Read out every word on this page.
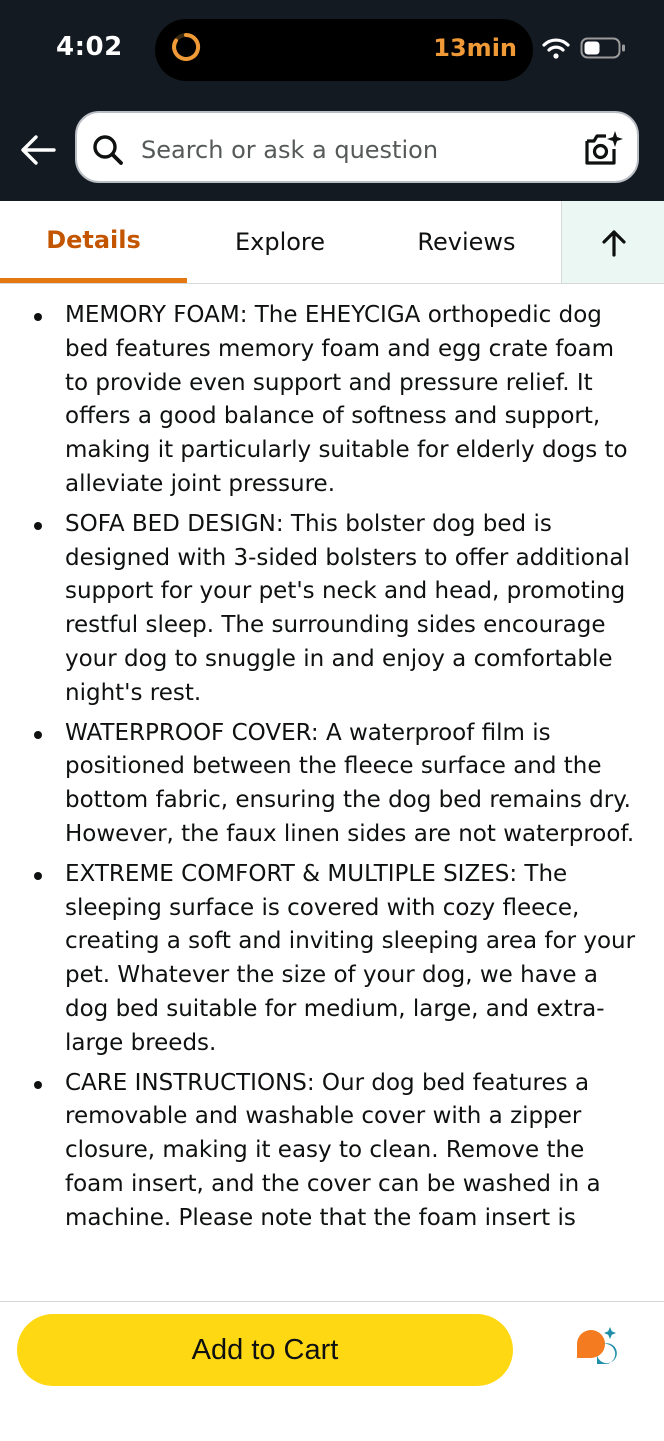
4:02	13min
Search or ask a question
Details	Explore	Reviews
MEMORY FOAM: The EHEYCIGA orthopedic dog bed features memory foam and egg crate foam to provide even support and pressure relief. It offers a good balance of softness and support, making it particularly suitable for elderly dogs to alleviate joint pressure.
SOFA BED DESIGN: This bolster dog bed is designed with 3-sided bolsters to offer additional support for your pet's neck and head, promoting restful sleep. The surrounding sides encourage your dog to snuggle in and enjoy a comfortable night's rest.
WATERPROOF COVER: A waterproof film is positioned between the fleece surface and the bottom fabric, ensuring the dog bed remains dry. However, the faux linen sides are not waterproof.
EXTREME COMFORT & MULTIPLE SIZES: The sleeping surface is covered with cozy fleece, creating a soft and inviting sleeping area for your pet. Whatever the size of your dog, we have a dog bed suitable for medium, large, and extra-large breeds.
CARE INSTRUCTIONS: Our dog bed features a removable and washable cover with a zipper closure, making it easy to clean. Remove the foam insert, and the cover can be washed in a machine. Please note that the foam insert is
Add to Cart
